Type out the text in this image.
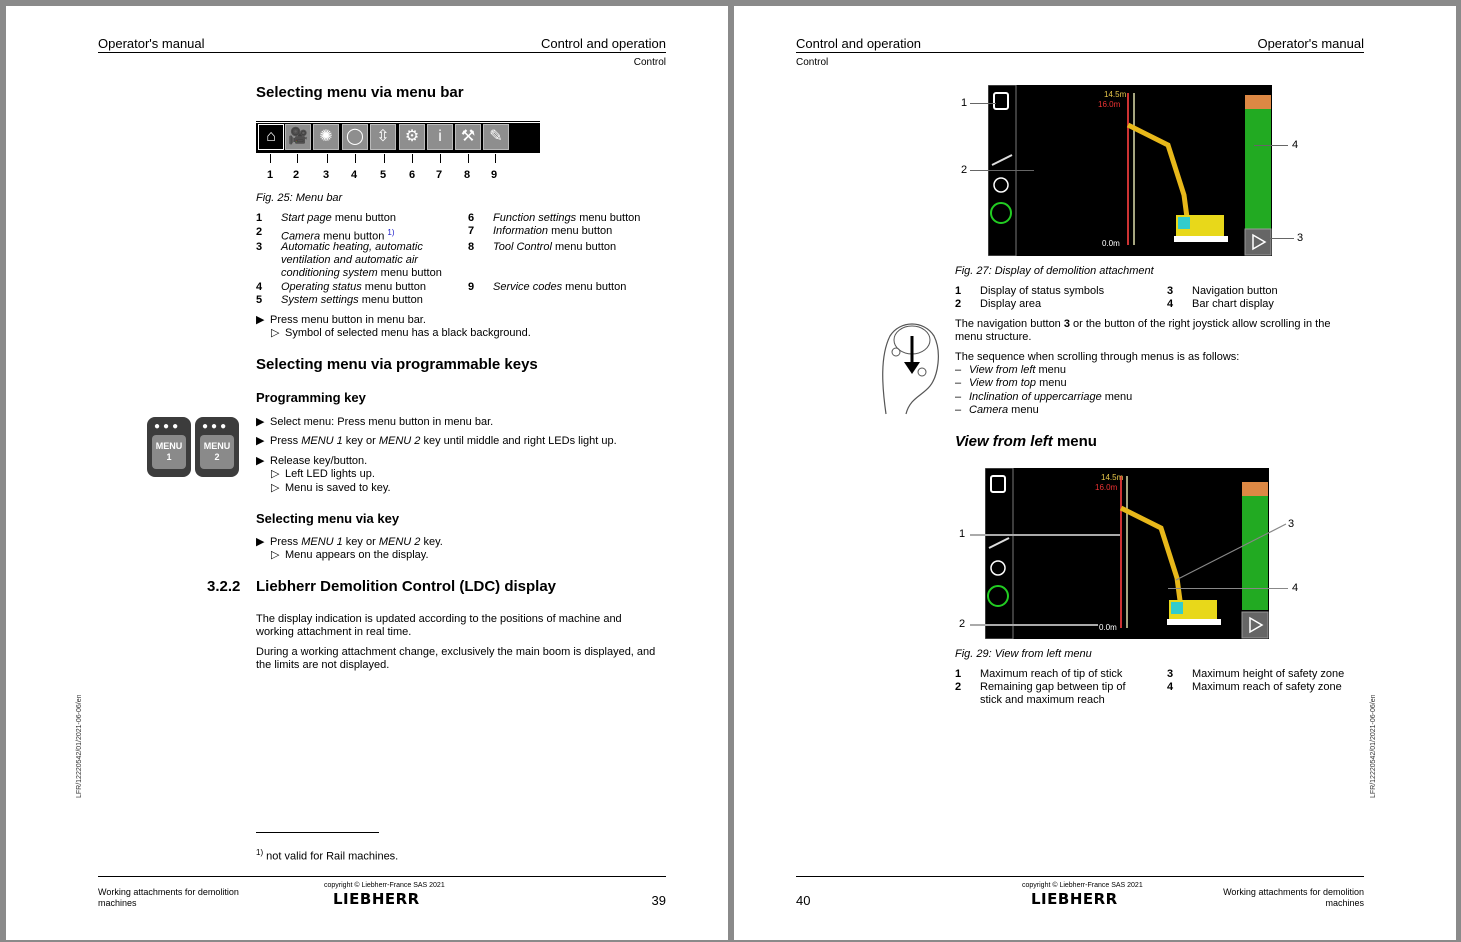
Operator's manual	Control and operation
Control
Selecting menu via menu bar
⌂ 🎥 ✺ ◯ ⇳ ⚙	i	⚒ ✎
1 2 3 4 5 6 7 8 9
Fig. 25: Menu bar
1 Start page menu button
2 Camera menu button $^{1)}$
3 Automatic heating, automatic
ventilation and automatic air
conditioning system menu button
4 Operating status menu button
5 System settings menu button
6 Function settings menu button
7 Information menu button
8 Tool Control menu button
9 Service codes menu button
▶ Press menu button in menu bar.
▷ Symbol of selected menu has a black background.
Selecting menu via programmable keys
Programming key
●●●
MENU
1
●●●
MENU
2
▶ Select menu: Press menu button in menu bar.
▶ Press MENU 1 key or MENU 2 key until middle and right LEDs light up.
▶ Release key/button.
▷ Left LED lights up.
▷ Menu is saved to key.
Selecting menu via key
▶ Press MENU 1 key or MENU 2 key.
▷ Menu appears on the display.
3.2.2 Liebherr Demolition Control (LDC) display
The display indication is updated according to the positions of machine and
working attachment in real time.
During a working attachment change, exclusively the main boom is displayed, and
the limits are not displayed.
LFR/12220542/01/2021-06-06/en
$^{1)}$ not valid for Rail machines.
Working attachments for demolition
machines
copyright © Liebherr-France SAS 2021
LIEBHERR	39
Control and operation	Operator's manual
Control
14.5m
16.0m
0.0m
1
2
3
4
Fig. 27: Display of demolition attachment
1 Display of status symbols
2 Display area
3 Navigation button
4 Bar chart display
The navigation button 3 or the button of the right joystick allow scrolling in the
menu structure.
The sequence when scrolling through menus is as follows:
– View from left menu
– View from top menu
– Inclination of uppercarriage menu
– Camera menu
View from left menu
14.5m
16.0m
0.0m
1
2
3
4
Fig. 29: View from left menu
1 Maximum reach of tip of stick
2 Remaining gap between tip of
stick and maximum reach
3 Maximum height of safety zone
4 Maximum reach of safety zone
LFR/12220542/01/2021-06-06/en
40
copyright © Liebherr-France SAS 2021
LIEBHERR	Working attachments for demolition
machines
